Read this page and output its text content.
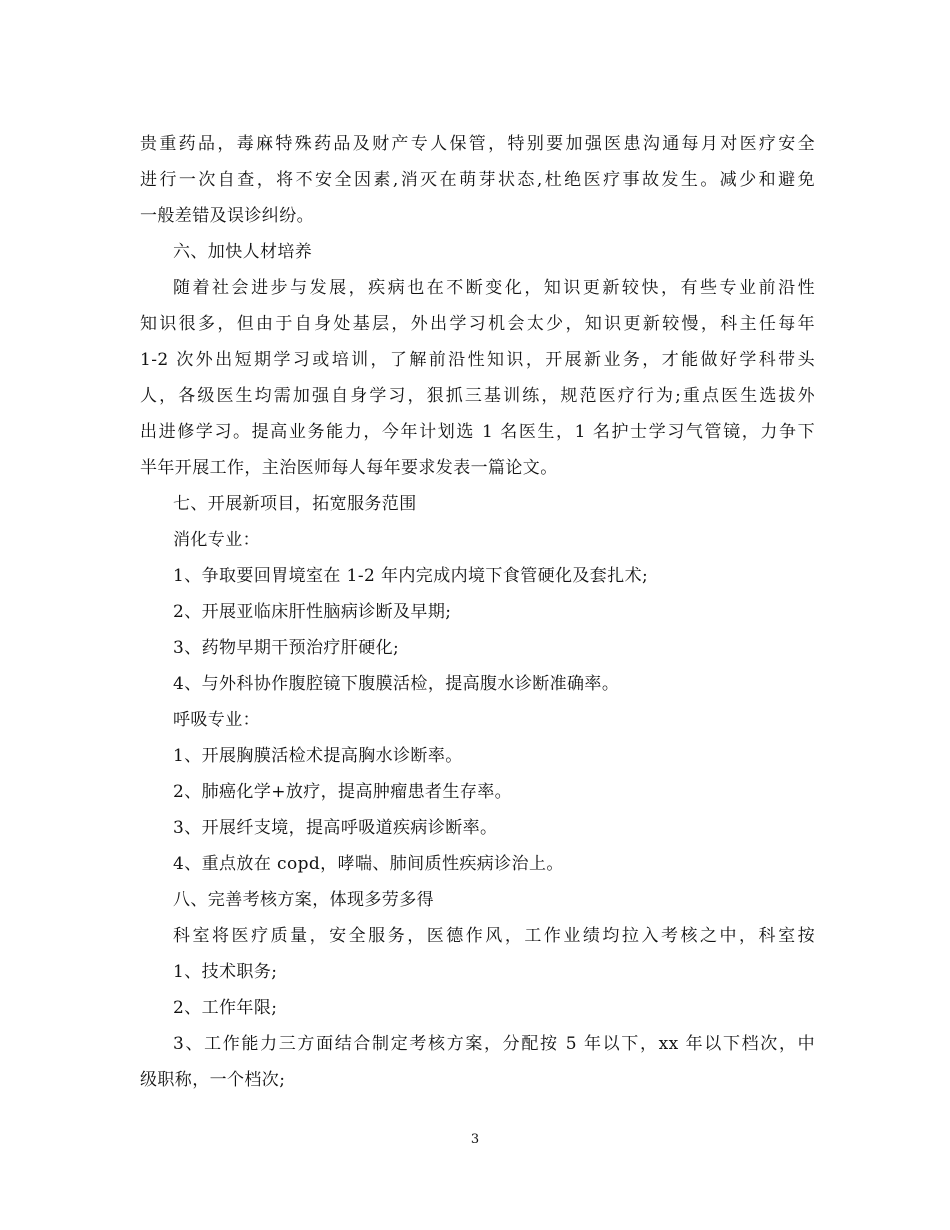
贵重药品，毒麻特殊药品及财产专人保管，特别要加强医患沟通每月对医疗安全
进行一次自查，将不安全因素,消灭在萌芽状态,杜绝医疗事故发生。减少和避免
一般差错及误诊纠纷。
六、加快人材培养
随着社会进步与发展，疾病也在不断变化，知识更新较快，有些专业前沿性
知识很多，但由于自身处基层，外出学习机会太少，知识更新较慢，科主任每年
1-2 次外出短期学习或培训，了解前沿性知识，开展新业务，才能做好学科带头
人，各级医生均需加强自身学习，狠抓三基训练，规范医疗行为;重点医生选拔外
出进修学习。提高业务能力，今年计划选 1 名医生，1 名护士学习气管镜，力争下
半年开展工作，主治医师每人每年要求发表一篇论文。
七、开展新项目，拓宽服务范围
消化专业：
1、争取要回胃境室在 1-2 年内完成内境下食管硬化及套扎术;
2、开展亚临床肝性脑病诊断及早期;
3、药物早期干预治疗肝硬化;
4、与外科协作腹腔镜下腹膜活检，提高腹水诊断准确率。
呼吸专业：
1、开展胸膜活检术提高胸水诊断率。
2、肺癌化学+放疗，提高肿瘤患者生存率。
3、开展纤支境，提高呼吸道疾病诊断率。
4、重点放在 copd，哮喘、肺间质性疾病诊治上。
八、完善考核方案，体现多劳多得
科室将医疗质量，安全服务，医德作风，工作业绩均拉入考核之中，科室按
1、技术职务;
2、工作年限;
3、工作能力三方面结合制定考核方案，分配按 5 年以下，xx 年以下档次，中
级职称，一个档次;
3
